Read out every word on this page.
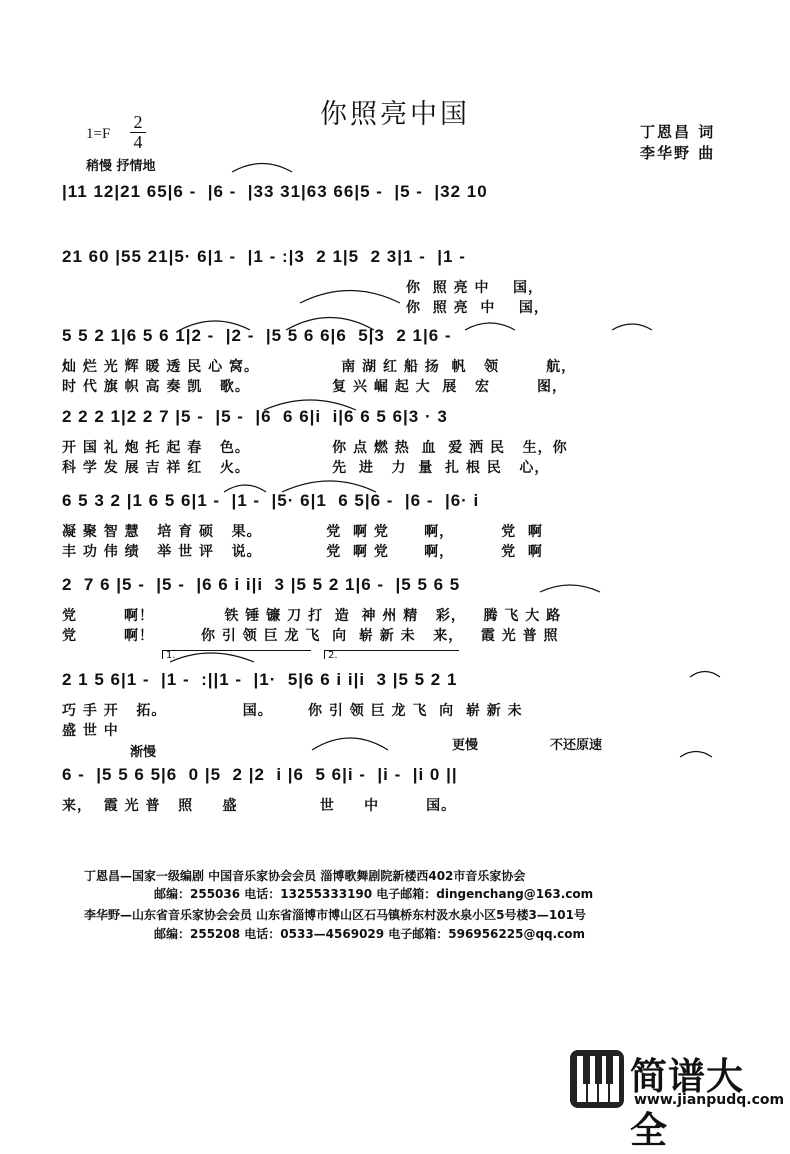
你照亮中国
1=F
2
4	丁恩昌 词
李华野 曲
稍慢 抒情地
|11 12|21 65|6 -  |6 -  |33 31|63 66|5 -  |5 -  |32 10
21 60 |55 21|5· 6|1 -  |1 - :|3  2 1|5  2 3|1 -  |1 -
你  照 亮 中    国，
你  照 亮  中    国，
5 5 2 1|6 5 6 1|2 -  |2 -  |5 5 6 6|6  5|3  2 1|6 -
灿 烂 光 辉 暖 透 民 心 窝。              南 湖 红 船 扬  帆   领        航，
时 代 旗 帜 高 奏 凯   歌。              复 兴 崛 起 大  展   宏        图，
2 2 2 1|2 2 7 |5 -  |5 -  |6  6 6|i  i|6 6 5 6|3 · 3
开 国 礼 炮 托 起 春   色。              你 点 燃 热  血  爱 洒 民   生，你
科 学 发 展 吉 祥 红   火。              先  进   力  量  扎 根 民   心，
6 5 3 2 |1 6 5 6|1 -  |1 -  |5· 6|1  6 5|6 -  |6 -  |6· i
凝 聚 智 慧   培 育 硕   果。           党  啊 党      啊，        党  啊
丰 功 伟 绩   举 世 评   说。           党  啊 党      啊，        党  啊
2  7 6 |5 -  |5 -  |6 6 i i|i  3 |5 5 2 1|6 -  |5 5 6 5
党        啊！            铁 锤 镰 刀 打  造  神 州 精   彩，   腾 飞 大 路
党        啊！        你 引 领 巨 龙 飞  向  崭 新 未   来，   霞 光 普 照
1.	2.
2 1 5 6|1 -  |1 -  :||1 -  |1·  5|6 6 i i|i  3 |5 5 2 1
巧 手 开   拓。             国。      你 引 领 巨 龙 飞  向  崭 新 未
盛 世 中
渐慢	更慢	不还原速
6 -  |5 5 6 5|6  0 |5  2 |2  i |6  5 6|i -  |i -  |i 0 ||
来，  霞 光 普   照     盛              世     中        国。
丁恩昌—国家一级编剧 中国音乐家协会会员 淄博歌舞剧院新楼西402市音乐家协会
邮编：255036 电话：13255333190 电子邮箱：dingenchang@163.com
李华野—山东省音乐家协会会员 山东省淄博市博山区石马镇桥东村汲水泉小区5号楼3—101号
邮编：255208 电话：0533—4569029 电子邮箱：596956225@qq.com
简谱大全
www.jianpudq.com
